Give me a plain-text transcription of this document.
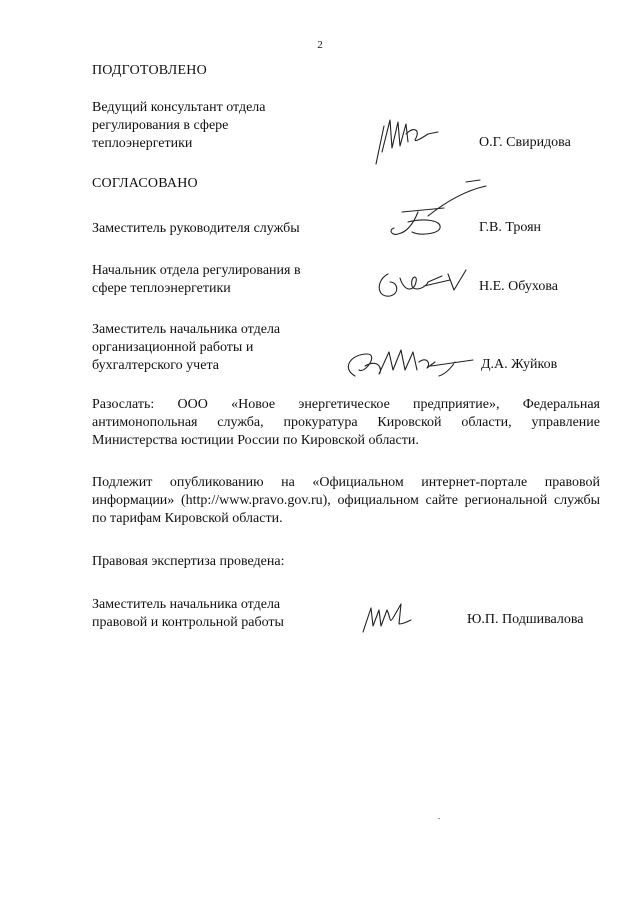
2
ПОДГОТОВЛЕНО
Ведущий консультант отдела регулирования в сфере теплоэнергетики	О.Г. Свиридова
СОГЛАСОВАНО
Заместитель руководителя службы	Г.В. Троян
Начальник отдела регулирования в сфере теплоэнергетики	Н.Е. Обухова
Заместитель начальника отдела организационной работы и бухгалтерского учета	Д.А. Жуйков
Разослать: ООО «Новое энергетическое предприятие», Федеральная антимонопольная служба, прокуратура Кировской области, управление Министерства юстиции России по Кировской области.
Подлежит опубликованию на «Официальном интернет-портале правовой информации» (http://www.pravo.gov.ru), официальном сайте региональной службы по тарифам Кировской области.
Правовая экспертиза проведена:
Заместитель начальника отдела правовой и контрольной работы	Ю.П. Подшивалова
